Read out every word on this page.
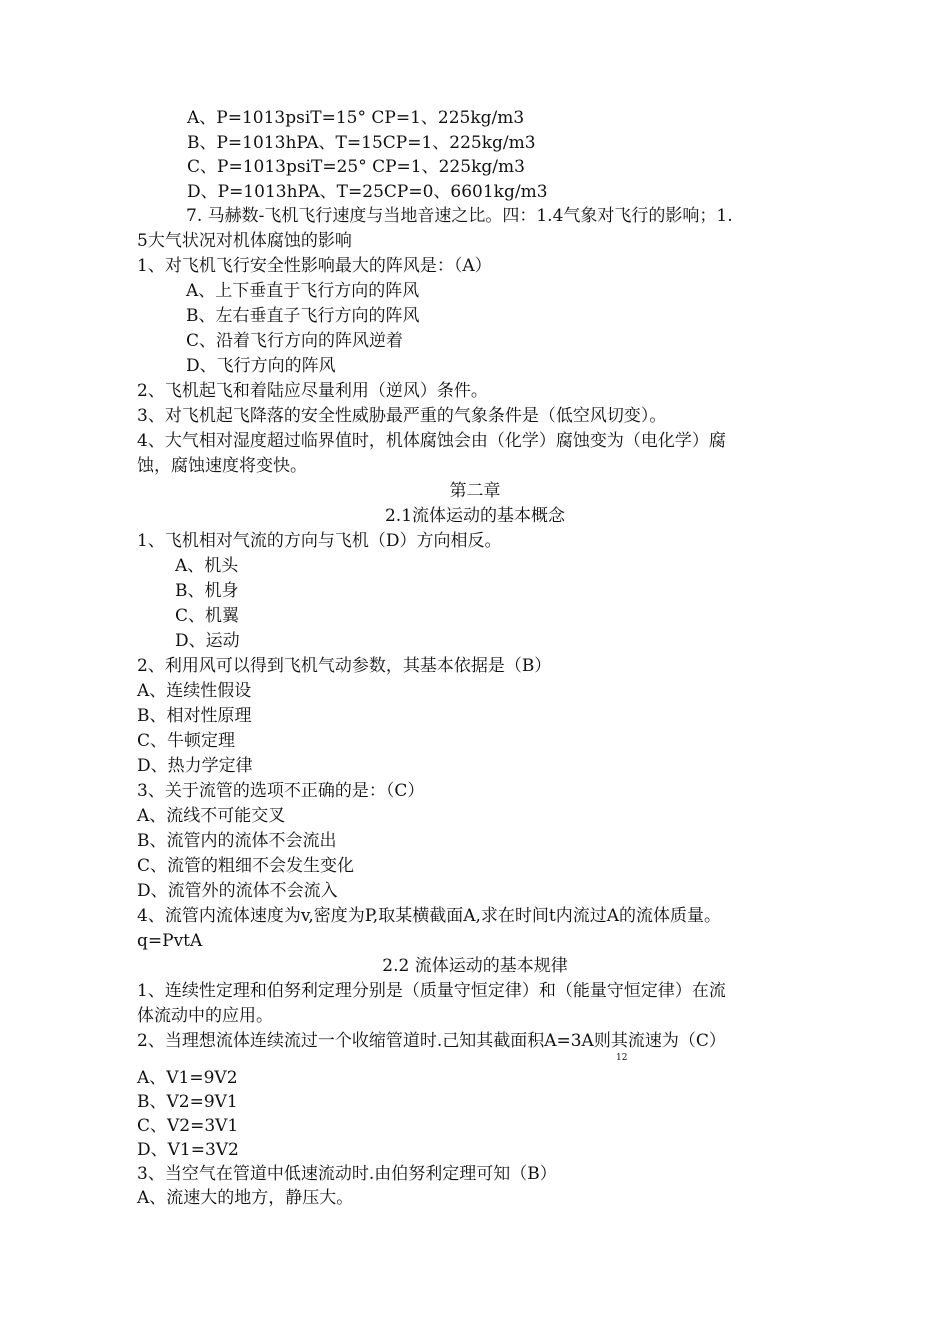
A、P=1013psiT=15° CP=1、225kg/m3
B、P=1013hPA、T=15CP=1、225kg/m3
C、P=1013psiT=25° CP=1、225kg/m3
D、P=1013hPA、T=25CP=0、6601kg/m3
7. 马赫数-飞机飞行速度与当地音速之比。四：1.4气象对飞行的影响；1.
5大气状况对机体腐蚀的影响
1、对飞机飞行安全性影响最大的阵风是：（A）
A、上下垂直于飞行方向的阵风
B、左右垂直子飞行方向的阵风
C、沿着飞行方向的阵风逆着
D、飞行方向的阵风
2、飞机起飞和着陆应尽量利用（逆风）条件。
3、对飞机起飞降落的安全性威胁最严重的气象条件是（低空风切变）。
4、大气相对湿度超过临界值时，机体腐蚀会由（化学）腐蚀变为（电化学）腐
蚀，腐蚀速度将变快。
第二章
2.1流体运动的基本概念
1、飞机相对气流的方向与飞机（D）方向相反。
A、机头
B、机身
C、机翼
D、运动
2、利用风可以得到飞机气动参数，其基本依据是（B）
A、连续性假设
B、相对性原理
C、牛顿定理
D、热力学定律
3、关于流管的选项不正确的是：（C）
A、流线不可能交叉
B、流管内的流体不会流出
C、流管的粗细不会发生变化
D、流管外的流体不会流入
4、流管内流体速度为v,密度为P,取某横截面A,求在时间t内流过A的流体质量。
q=PvtA
2.2 流体运动的基本规律
1、连续性定理和伯努利定理分别是（质量守恒定律）和（能量守恒定律）在流
体流动中的应用。
2、当理想流体连续流过一个收缩管道时.己知其截面积A=3A则其流速为（C）
12
A、V1=9V2
B、V2=9V1
C、V2=3V1
D、V1=3V2
3、当空气在管道中低速流动时.由伯努利定理可知（B）
A、流速大的地方，静压大。
